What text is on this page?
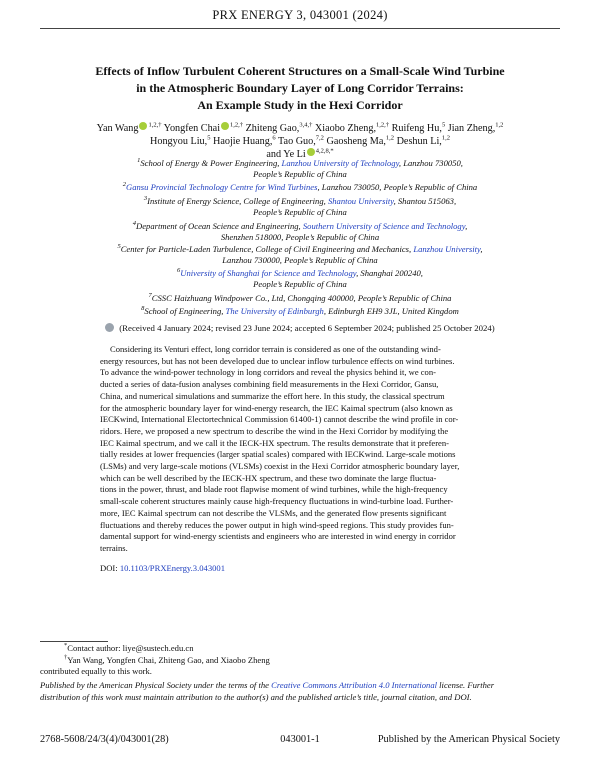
PRX ENERGY 3, 043001 (2024)
Effects of Inflow Turbulent Coherent Structures on a Small-Scale Wind Turbine
in the Atmospheric Boundary Layer of Long Corridor Terrains:
An Example Study in the Hexi Corridor
Yan Wang $^{1,2,\dagger}$ Yongfen Chai $^{1,2,\dagger}$ Zhiteng Gao,$^{3,4,\dagger}$ Xiaobo Zheng,$^{1,2,\dagger}$ Ruifeng Hu,$^5$ Jian Zheng,$^{1,2}$
Hongyou Liu,$^5$ Haojie Huang,$^6$ Tao Guo,$^{7,2}$ Gaosheng Ma,$^{1,2}$ Deshun Li,$^{1,2}$
and Ye Li $^{4,2,8,*}$
$^1$School of Energy & Power Engineering, Lanzhou University of Technology, Lanzhou 730050,
People’s Republic of China
$^2$Gansu Provincial Technology Centre for Wind Turbines, Lanzhou 730050, People’s Republic of China
$^3$Institute of Energy Science, College of Engineering, Shantou University, Shantou 515063,
People’s Republic of China
$^4$Department of Ocean Science and Engineering, Southern University of Science and Technology,
Shenzhen 518000, People’s Republic of China
$^5$Center for Particle-Laden Turbulence, College of Civil Engineering and Mechanics, Lanzhou University,
Lanzhou 730000, People’s Republic of China
$^6$University of Shanghai for Science and Technology, Shanghai 200240,
People’s Republic of China
$^7$CSSC Haizhuang Windpower Co., Ltd, Chongqing 400000, People’s Republic of China
$^8$School of Engineering, The University of Edinburgh, Edinburgh EH9 3JL, United Kingdom
(Received 4 January 2024; revised 23 June 2024; accepted 6 September 2024; published 25 October 2024)
Considering its Venturi effect, long corridor terrain is considered as one of the outstanding wind-
energy resources, but has not been developed due to unclear inflow turbulence effects on wind turbines.
To advance the wind-power technology in long corridors and reveal the physics behind it, we con-
ducted a series of data-fusion analyses combining field measurements in the Hexi Corridor, Gansu,
China, and numerical simulations and summarize the effort here. In this study, the classical spectrum
for the atmospheric boundary layer for wind-energy research, the IEC Kaimal spectrum (also known as
IECKwind, International Electortechnical Commission 61400-1) cannot describe the wind profile in cor-
ridors. Here, we proposed a new spectrum to describe the wind in the Hexi Corridor by modifying the
IEC Kaimal spectrum, and we call it the IECK-HX spectrum. The results demonstrate that it preferen-
tially resides at lower frequencies (larger spatial scales) compared with IECKwind. Large-scale motions
(LSMs) and very large-scale motions (VLSMs) coexist in the Hexi Corridor atmospheric boundary layer,
which can be well described by the IECK-HX spectrum, and these two dominate the large fluctua-
tions in the power, thrust, and blade root flapwise moment of wind turbines, while the high-frequency
small-scale coherent structures mainly cause high-frequency fluctuations in wind-turbine load. Further-
more, IEC Kaimal spectrum can not describe the VLSMs, and the generated flow presents significant
fluctuations and thereby reduces the power output in high wind-speed regions. This study provides fun-
damental support for wind-energy scientists and engineers who are interested in wind energy in corridor
terrains.
DOI: 10.1103/PRXEnergy.3.043001
*Contact author: liye@sustech.edu.cn
†Yan Wang, Yongfen Chai, Zhiteng Gao, and Xiaobo Zheng
contributed equally to this work.
Published by the American Physical Society under the terms of the Creative Commons Attribution 4.0 International license. Further
distribution of this work must maintain attribution to the author(s) and the published article’s title, journal citation, and DOI.
2768-5608/24/3(4)/043001(28)	043001-1	Published by the American Physical Society
